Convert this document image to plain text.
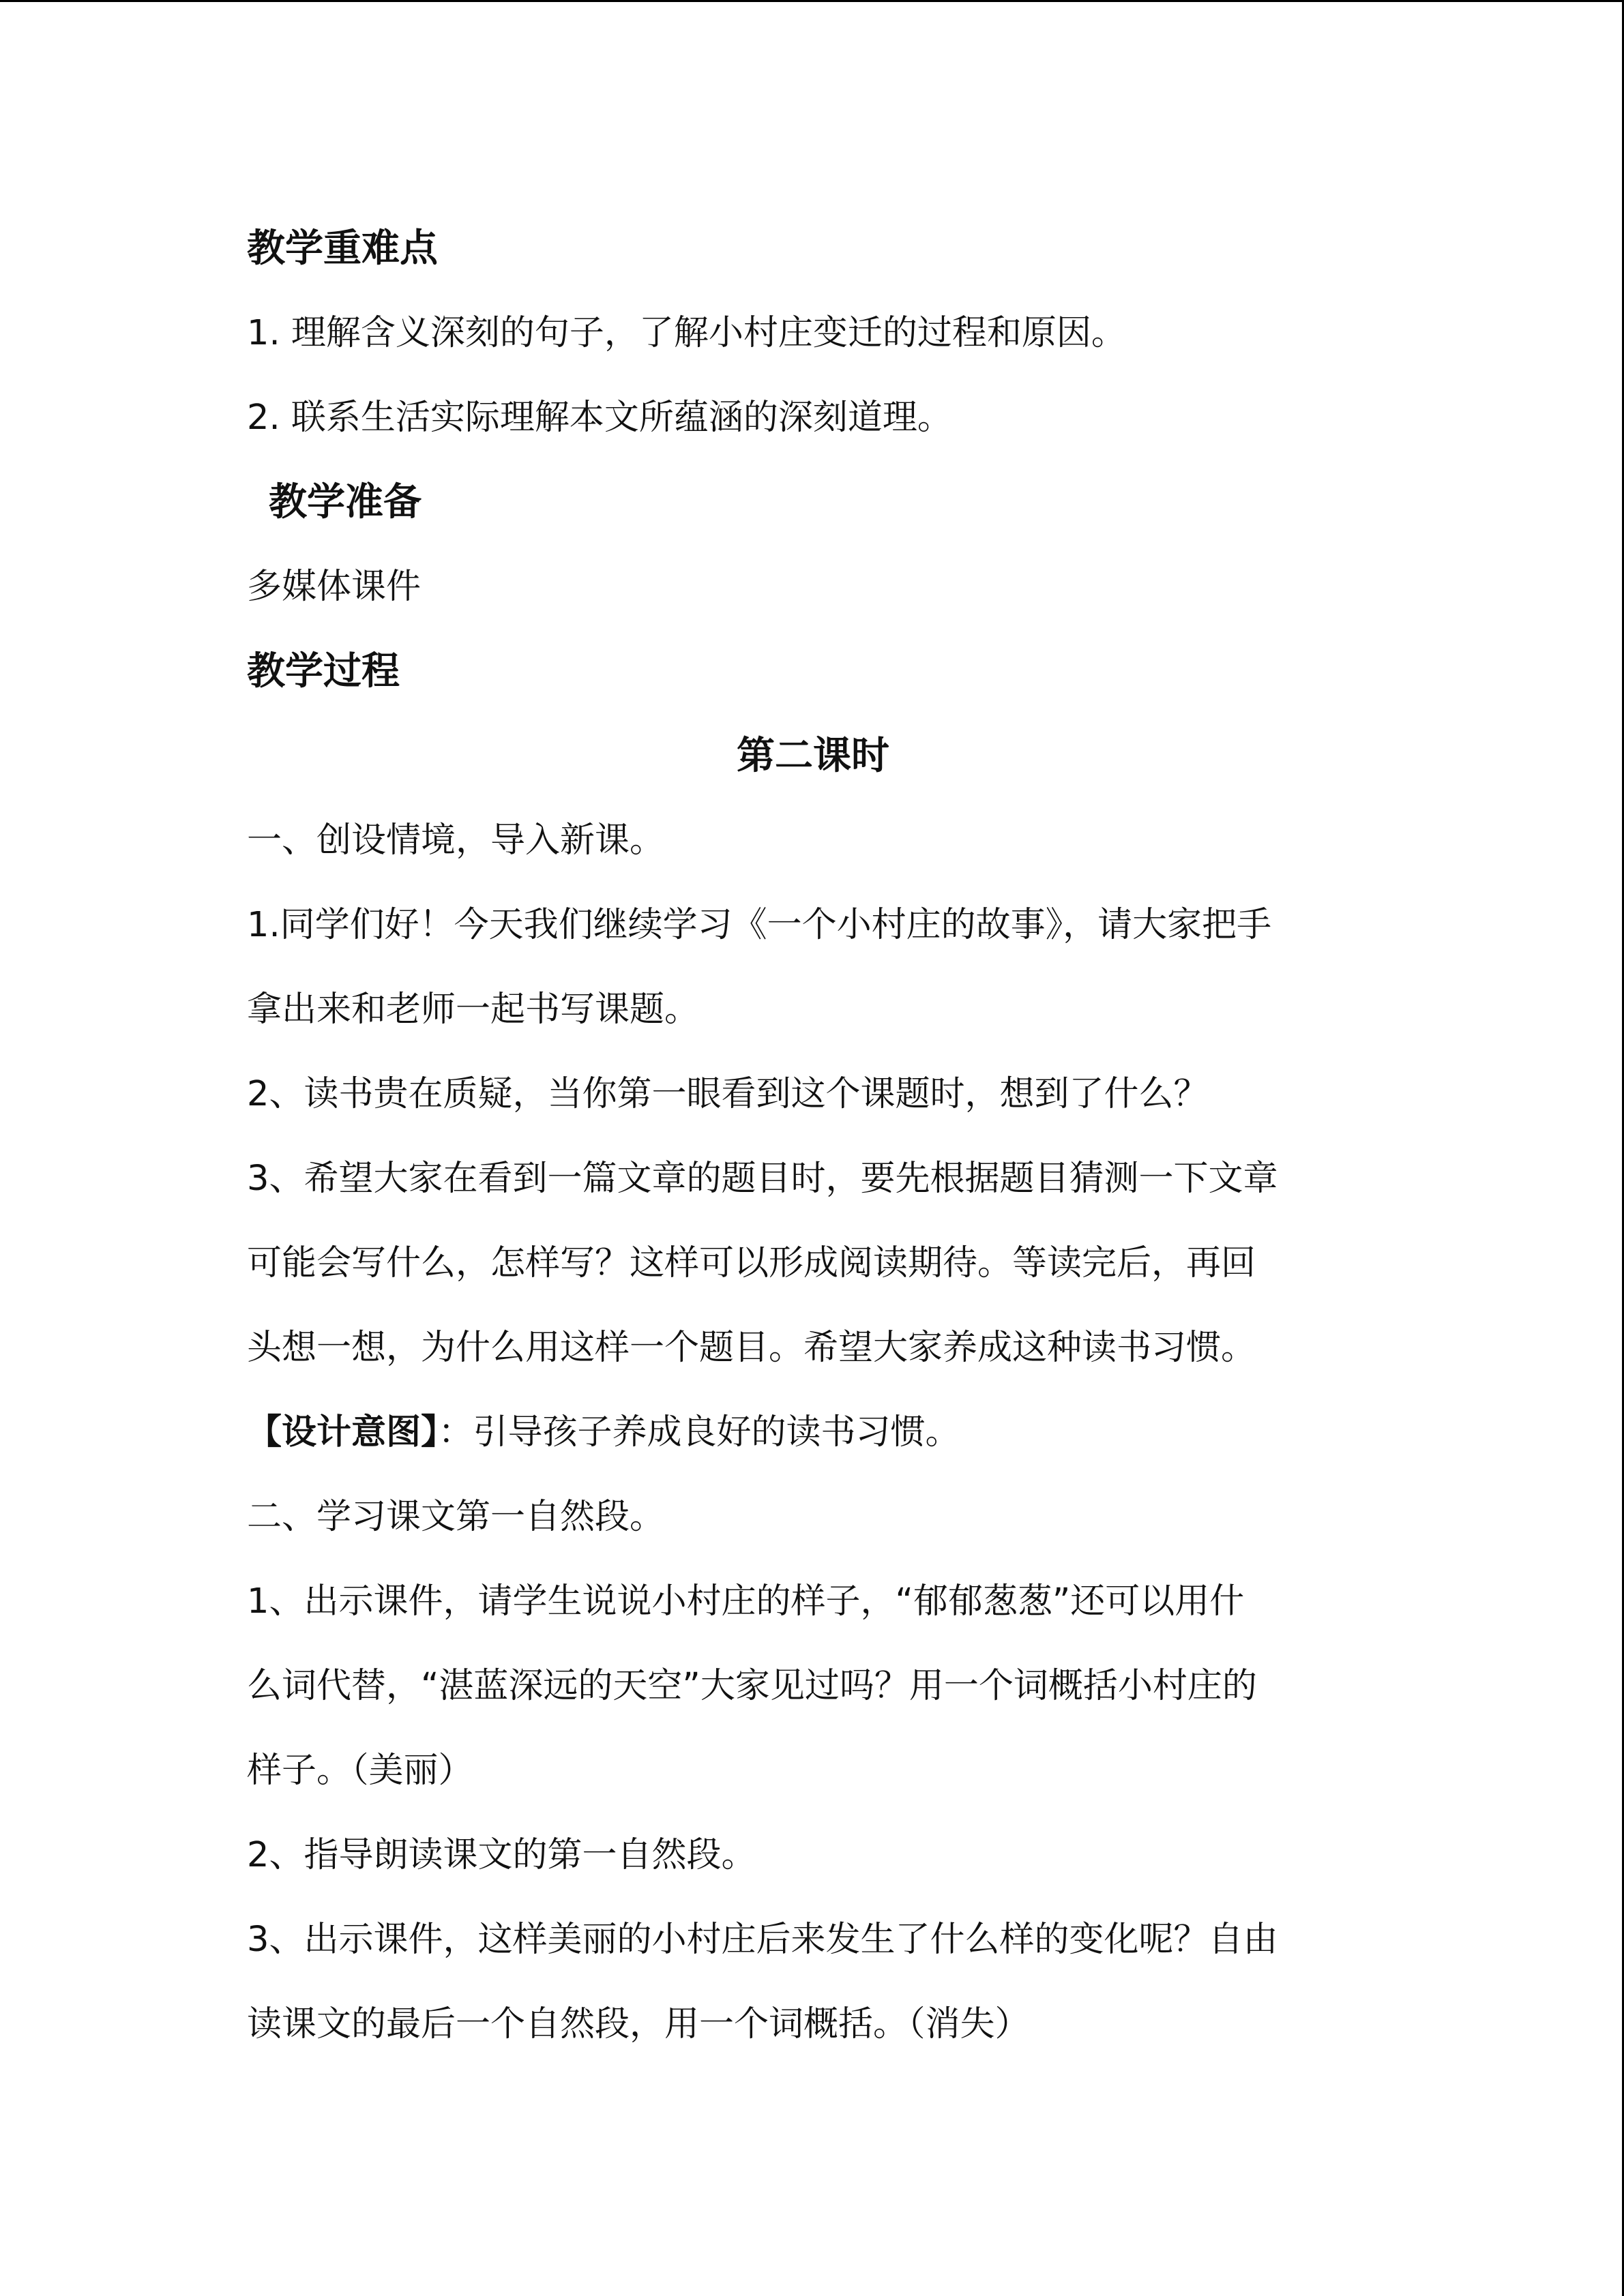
教学重难点
1. 理解含义深刻的句子，了解小村庄变迁的过程和原因。
2. 联系生活实际理解本文所蕴涵的深刻道理。
教学准备
多媒体课件
教学过程
第二课时
一、创设情境，导入新课。
1.同学们好！今天我们继续学习《一个小村庄的故事》，请大家把手
拿出来和老师一起书写课题。
2、读书贵在质疑，当你第一眼看到这个课题时，想到了什么？
3、希望大家在看到一篇文章的题目时，要先根据题目猜测一下文章
可能会写什么，怎样写？这样可以形成阅读期待。等读完后，再回
头想一想，为什么用这样一个题目。希望大家养成这种读书习惯。
【设计意图】：引导孩子养成良好的读书习惯。
二、学习课文第一自然段。
1、出示课件，请学生说说小村庄的样子，“郁郁葱葱”还可以用什
么词代替，“湛蓝深远的天空”大家见过吗？用一个词概括小村庄的
样子。（美丽）
2、指导朗读课文的第一自然段。
3、出示课件，这样美丽的小村庄后来发生了什么样的变化呢？自由
读课文的最后一个自然段，用一个词概括。（消失）
